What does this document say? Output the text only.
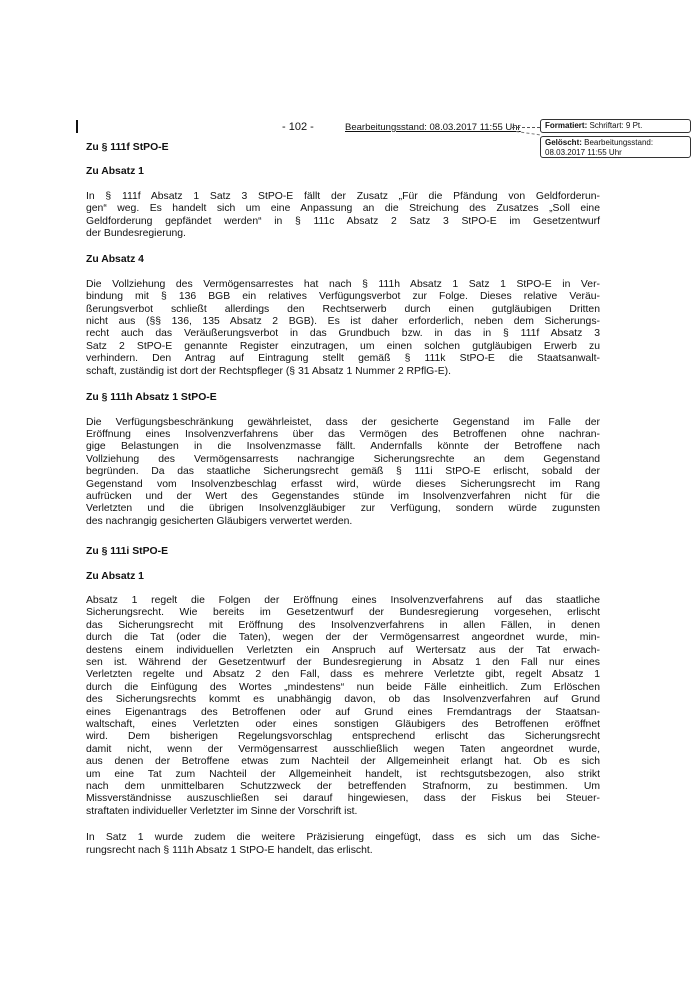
- 102 -	Bearbeitungsstand: 08.03.2017 11:55 Uhr	Formatiert: Schriftart: 9 Pt.
Gelöscht: Bearbeitungsstand: 08.03.2017 11:55 Uhr
Zu § 111f StPO-E
Zu Absatz 1
In § 111f Absatz 1 Satz 3 StPO-E fällt der Zusatz „Für die Pfändung von Geldforderun-
gen“ weg. Es handelt sich um eine Anpassung an die Streichung des Zusatzes „Soll eine
Geldforderung gepfändet werden“ in § 111c Absatz 2 Satz 3 StPO-E im Gesetzentwurf
der Bundesregierung.
Zu Absatz 4
Die Vollziehung des Vermögensarrestes hat nach § 111h Absatz 1 Satz 1 StPO-E in Ver-
bindung mit § 136 BGB ein relatives Verfügungsverbot zur Folge. Dieses relative Veräu-
ßerungsverbot schließt allerdings den Rechtserwerb durch einen gutgläubigen Dritten
nicht aus (§§ 136, 135 Absatz 2 BGB). Es ist daher erforderlich, neben dem Sicherungs-
recht auch das Veräußerungsverbot in das Grundbuch bzw. in das in § 111f Absatz 3
Satz 2 StPO-E genannte Register einzutragen, um einen solchen gutgläubigen Erwerb zu
verhindern. Den Antrag auf Eintragung stellt gemäß § 111k StPO-E die Staatsanwalt-
schaft, zuständig ist dort der Rechtspfleger (§ 31 Absatz 1 Nummer 2 RPflG-E).
Zu § 111h Absatz 1 StPO-E
Die Verfügungsbeschränkung gewährleistet, dass der gesicherte Gegenstand im Falle der
Eröffnung eines Insolvenzverfahrens über das Vermögen des Betroffenen ohne nachran-
gige Belastungen in die Insolvenzmasse fällt. Andernfalls könnte der Betroffene nach
Vollziehung des Vermögensarrests nachrangige Sicherungsrechte an dem Gegenstand
begründen. Da das staatliche Sicherungsrecht gemäß § 111i StPO-E erlischt, sobald der
Gegenstand vom Insolvenzbeschlag erfasst wird, würde dieses Sicherungsrecht im Rang
aufrücken und der Wert des Gegenstandes stünde im Insolvenzverfahren nicht für die
Verletzten und die übrigen Insolvenzgläubiger zur Verfügung, sondern würde zugunsten
des nachrangig gesicherten Gläubigers verwertet werden.
Zu § 111i StPO-E
Zu Absatz 1
Absatz 1 regelt die Folgen der Eröffnung eines Insolvenzverfahrens auf das staatliche
Sicherungsrecht. Wie bereits im Gesetzentwurf der Bundesregierung vorgesehen, erlischt
das Sicherungsrecht mit Eröffnung des Insolvenzverfahrens in allen Fällen, in denen
durch die Tat (oder die Taten), wegen der der Vermögensarrest angeordnet wurde, min-
destens einem individuellen Verletzten ein Anspruch auf Wertersatz aus der Tat erwach-
sen ist. Während der Gesetzentwurf der Bundesregierung in Absatz 1 den Fall nur eines
Verletzten regelte und Absatz 2 den Fall, dass es mehrere Verletzte gibt, regelt Absatz 1
durch die Einfügung des Wortes „mindestens“ nun beide Fälle einheitlich. Zum Erlöschen
des Sicherungsrechts kommt es unabhängig davon, ob das Insolvenzverfahren auf Grund
eines Eigenantrags des Betroffenen oder auf Grund eines Fremdantrags der Staatsan-
waltschaft, eines Verletzten oder eines sonstigen Gläubigers des Betroffenen eröffnet
wird. Dem bisherigen Regelungsvorschlag entsprechend erlischt das Sicherungsrecht
damit nicht, wenn der Vermögensarrest ausschließlich wegen Taten angeordnet wurde,
aus denen der Betroffene etwas zum Nachteil der Allgemeinheit erlangt hat. Ob es sich
um eine Tat zum Nachteil der Allgemeinheit handelt, ist rechtsgutsbezogen, also strikt
nach dem unmittelbaren Schutzzweck der betreffenden Strafnorm, zu bestimmen. Um
Missverständnisse auszuschließen sei darauf hingewiesen, dass der Fiskus bei Steuer-
straftaten individueller Verletzter im Sinne der Vorschrift ist.
In Satz 1 wurde zudem die weitere Präzisierung eingefügt, dass es sich um das Siche-
rungsrecht nach § 111h Absatz 1 StPO-E handelt, das erlischt.
